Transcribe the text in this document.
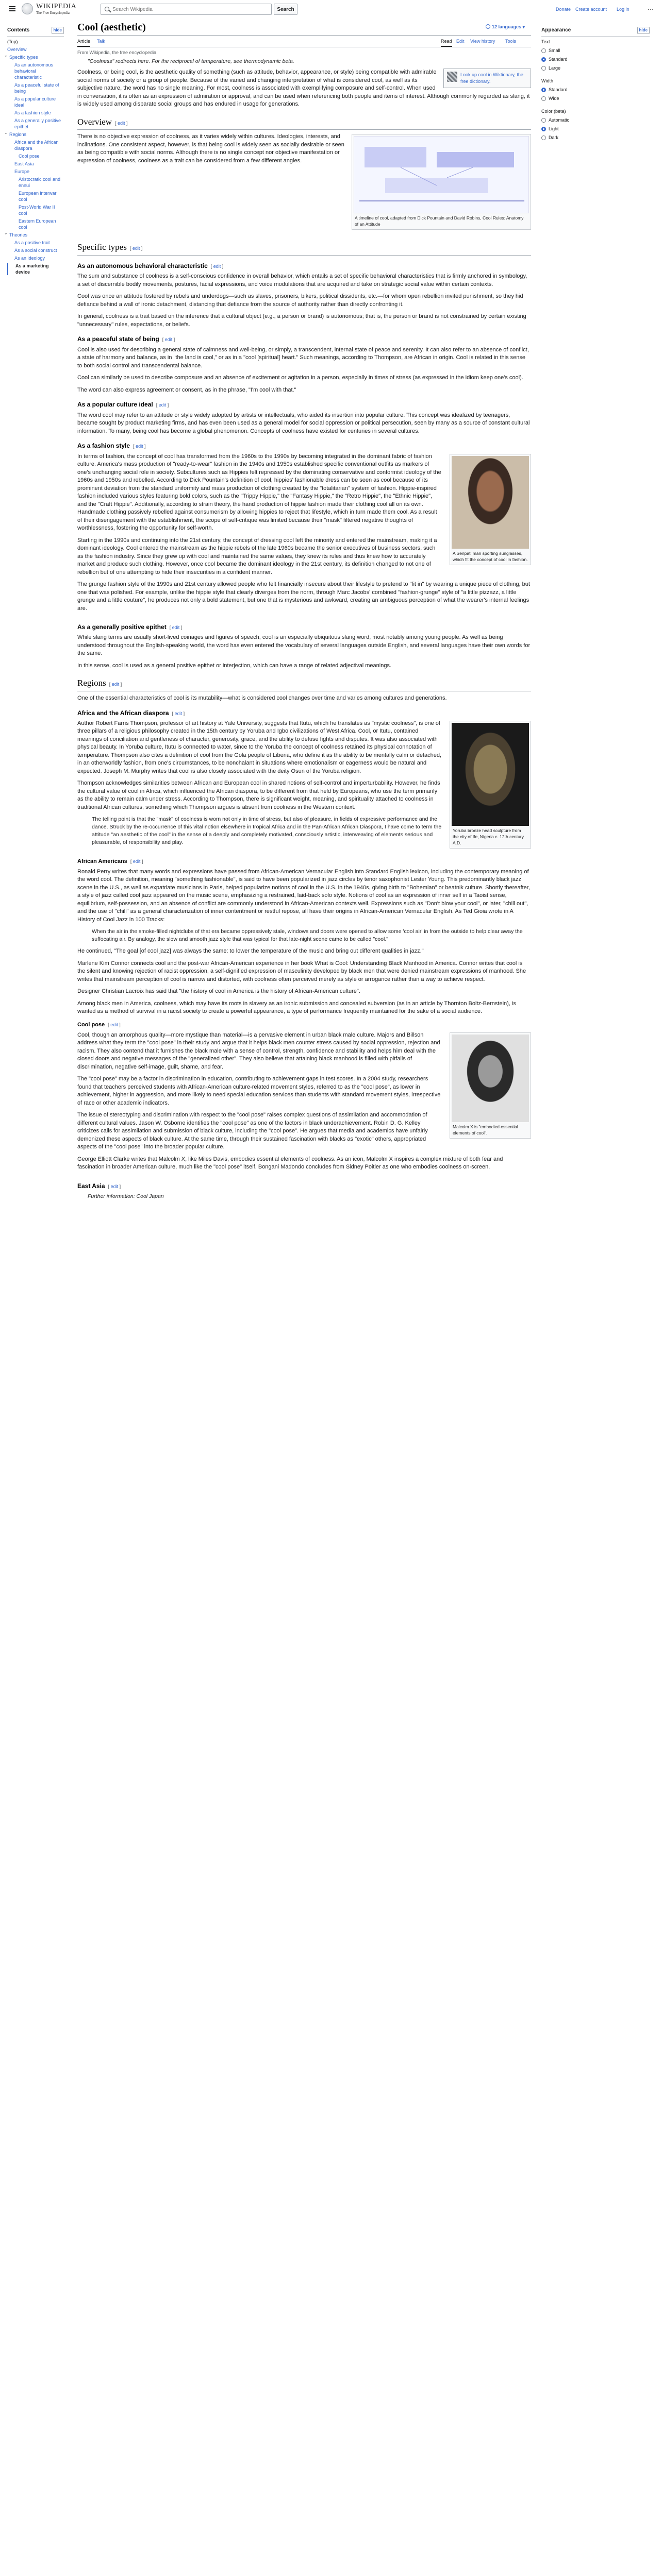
WIKIPEDIA
The Free Encyclopedia
Search Wikipedia
Search	Donate Create account Log in	⋯
Contents	hide
(Top)
Overview
⌄ Specific types
As an autonomous behavioral characteristic
As a peaceful state of being
As a popular culture ideal
As a fashion style
As a generally positive epithet
⌄ Regions
Africa and the African diaspora
Cool pose
East Asia
Europe
Aristocratic cool and ennui
European interwar cool
Post-World War II cool
Eastern European cool
⌄ Theories
As a positive trait
As a social construct
As an ideology
As a marketing device
Cool (aesthetic)	12 languages ▾
Article Talk	Read Edit View history Tools
From Wikipedia, the free encyclopedia
"Coolness" redirects here. For the reciprocal of temperature, see thermodynamic beta.
Look up cool in Wiktionary, the free dictionary.

Coolness, or being cool, is the aesthetic quality of something (such as attitude, behavior, appearance, or style) being compatible with admirable social norms of society or a group of people. Because of the varied and changing interpretation of what is considered cool, as well as its subjective nature, the word has no single meaning. For most, coolness is associated with exemplifying composure and self-control. When used in conversation, it is often as an expression of admiration or approval, and can be used when referencing both people and items of interest. Although commonly regarded as slang, it is widely used among disparate social groups and has endured in usage for generations.

Overview [ edit ]
A timeline of cool, adapted from Dick Pountain and David Robins, Cool Rules: Anatomy of an Attitude

There is no objective expression of coolness, as it varies widely within cultures. Ideologies, interests, and inclinations. One consistent aspect, however, is that being cool is widely seen as socially desirable or seen as being compatible with social norms. Although there is no single concept nor objective manifestation or expression of coolness, coolness as a trait can be considered from a few different angles.

Specific types [ edit ]
As an autonomous behavioral characteristic [ edit ]

The sum and substance of coolness is a self-conscious confidence in overall behavior, which entails a set of specific behavioral characteristics that is firmly anchored in symbology, a set of discernible bodily movements, postures, facial expressions, and voice modulations that are acquired and take on strategic social value within certain contexts.

Cool was once an attitude fostered by rebels and underdogs—such as slaves, prisoners, bikers, political dissidents, etc.—for whom open rebellion invited punishment, so they hid defiance behind a wall of ironic detachment, distancing that defiance from the source of authority rather than directly confronting it.

In general, coolness is a trait based on the inference that a cultural object (e.g., a person or brand) is autonomous; that is, the person or brand is not constrained by certain existing "unnecessary" rules, expectations, or beliefs.

As a peaceful state of being [ edit ]

Cool is also used for describing a general state of calmness and well-being, or simply, a transcendent, internal state of peace and serenity. It can also refer to an absence of conflict, a state of harmony and balance, as in "the land is cool," or as in a "cool [spiritual] heart." Such meanings, according to Thompson, are African in origin. Cool is related in this sense to both social control and transcendental balance.

Cool can similarly be used to describe composure and an absence of excitement or agitation in a person, especially in times of stress (as expressed in the idiom keep one's cool).

The word can also express agreement or consent, as in the phrase, "I'm cool with that."

As a popular culture ideal [ edit ]

The word cool may refer to an attitude or style widely adopted by artists or intellectuals, who aided its insertion into popular culture. This concept was idealized by teenagers, became sought by product marketing firms, and has even been used as a general model for social oppression or political persecution, seen by many as a source of constant cultural information. To many, being cool has become a global phenomenon. Concepts of coolness have existed for centuries in several cultures.

As a fashion style [ edit ]
A Senpati man sporting sunglasses, which fit the concept of cool in fashion.

In terms of fashion, the concept of cool has transformed from the 1960s to the 1990s by becoming integrated in the dominant fabric of fashion culture. America's mass production of "ready-to-wear" fashion in the 1940s and 1950s established specific conventional outfits as markers of one's unchanging social role in society. Subcultures such as Hippies felt repressed by the dominating conservative and conformist ideology of the 1960s and 1950s and rebelled. According to Dick Pountain's definition of cool, hippies' fashionable dress can be seen as cool because of its prominent deviation from the standard uniformity and mass production of clothing created by the "totalitarian" system of fashion. Hippie-inspired fashion included various styles featuring bold colors, such as the "Trippy Hippie," the "Fantasy Hippie," the "Retro Hippie", the "Ethnic Hippie", and the "Craft Hippie". Additionally, according to strain theory, the hand production of hippie fashion made their clothing cool all on its own. Handmade clothing passively rebelled against consumerism by allowing hippies to reject that lifestyle, which in turn made them cool. As a result of their disengagement with the establishment, the scope of self-critique was limited because their "mask" filtered negative thoughts of worthlessness, fostering the opportunity for self-worth.

Starting in the 1990s and continuing into the 21st century, the concept of dressing cool left the minority and entered the mainstream, making it a dominant ideology. Cool entered the mainstream as the hippie rebels of the late 1960s became the senior executives of business sectors, such as the fashion industry. Since they grew up with cool and maintained the same values, they knew its rules and thus knew how to accurately market and produce such clothing. However, once cool became the dominant ideology in the 21st century, its definition changed to not one of rebellion but of one attempting to hide their insecurities in a confident manner.

The grunge fashion style of the 1990s and 21st century allowed people who felt financially insecure about their lifestyle to pretend to "fit in" by wearing a unique piece of clothing, but one that was polished. For example, unlike the hippie style that clearly diverges from the norm, through Marc Jacobs' combined "fashion-grunge" style of "a little pizzazz, a little grunge and a little couture", he produces not only a bold statement, but one that is mysterious and awkward, creating an ambiguous perception of what the wearer's internal feelings are.

As a generally positive epithet [ edit ]

While slang terms are usually short-lived coinages and figures of speech, cool is an especially ubiquitous slang word, most notably among young people. As well as being understood throughout the English-speaking world, the word has even entered the vocabulary of several languages outside English, and several languages have their own words for the same.

In this sense, cool is used as a general positive epithet or interjection, which can have a range of related adjectival meanings.

Regions [ edit ]

One of the essential characteristics of cool is its mutability—what is considered cool changes over time and varies among cultures and generations.

Africa and the African diaspora [ edit ]
Yoruba bronze head sculpture from the city of Ife, Nigeria c. 12th century A.D.

Author Robert Farris Thompson, professor of art history at Yale University, suggests that Itutu, which he translates as "mystic coolness", is one of three pillars of a religious philosophy created in the 15th century by Yoruba and Igbo civilizations of West Africa. Cool, or Itutu, contained meanings of conciliation and gentleness of character, generosity, grace, and the ability to defuse fights and disputes. It was also associated with physical beauty. In Yoruba culture, Itutu is connected to water, since to the Yoruba the concept of coolness retained its physical connotation of temperature. Thompson also cites a definition of cool from the Gola people of Liberia, who define it as the ability to be mentally calm or detached, in an otherworldly fashion, from one's circumstances, to be nonchalant in situations where emotionalism or eagerness would be natural and expected. Joseph M. Murphy writes that cool is also closely associated with the deity Osun of the Yoruba religion.

Thompson acknowledges similarities between African and European cool in shared notions of self-control and imperturbability. However, he finds the cultural value of cool in Africa, which influenced the African diaspora, to be different from that held by Europeans, who use the term primarily as the ability to remain calm under stress. According to Thompson, there is significant weight, meaning, and spirituality attached to coolness in traditional African cultures, something which Thompson argues is absent from coolness in the Western context.

The telling point is that the "mask" of coolness is worn not only in time of stress, but also of pleasure, in fields of expressive performance and the dance. Struck by the re-occurrence of this vital notion elsewhere in tropical Africa and in the Pan-African African Diaspora, I have come to term the attitude "an aesthetic of the cool" in the sense of a deeply and completely motivated, consciously artistic, interweaving of elements serious and pleasurable, of responsibility and play.

African Americans [ edit ]

Ronald Perry writes that many words and expressions have passed from African-American Vernacular English into Standard English lexicon, including the contemporary meaning of the word cool. The definition, meaning "something fashionable", is said to have been popularized in jazz circles by tenor saxophonist Lester Young. This predominantly black jazz scene in the U.S., as well as expatriate musicians in Paris, helped popularize notions of cool in the U.S. in the 1940s, giving birth to "Bohemian" or beatnik culture. Shortly thereafter, a style of jazz called cool jazz appeared on the music scene, emphasizing a restrained, laid-back solo style. Notions of cool as an expression of inner self in a Taoist sense, equilibrium, self-possession, and an absence of conflict are commonly understood in African-American contexts well. Expressions such as "Don't blow your cool", or later, "chill out", and the use of "chill" as a general characterization of inner contentment or restful repose, all have their origins in African-American Vernacular English. As Ted Gioia wrote in A History of Cool Jazz in 100 Tracks:

When the air in the smoke-filled nightclubs of that era became oppressively stale, windows and doors were opened to allow some 'cool air' in from the outside to help clear away the suffocating air. By analogy, the slow and smooth jazz style that was typical for that late-night scene came to be called "cool."

He continued, "The goal [of cool jazz] was always the same: to lower the temperature of the music and bring out different qualities in jazz."

Marlene Kim Connor connects cool and the post-war African-American experience in her book What is Cool: Understanding Black Manhood in America. Connor writes that cool is the silent and knowing rejection of racist oppression, a self-dignified expression of masculinity developed by black men that were denied mainstream expressions of manhood. She writes that mainstream perception of cool is narrow and distorted, with coolness often perceived merely as style or arrogance rather than a way to achieve respect.

Designer Christian Lacroix has said that "the history of cool in America is the history of African-American culture".

Among black men in America, coolness, which may have its roots in slavery as an ironic submission and concealed subversion (as in an article by Thornton Boltz-Bernstein), is wanted as a method of survival in a racist society to create a powerful appearance, a type of performance frequently maintained for the sake of a social audience.

Cool pose [ edit ]
Malcolm X is "embodied essential elements of cool".

Cool, though an amorphous quality—more mystique than material—is a pervasive element in urban black male culture. Majors and Billson address what they term the "cool pose" in their study and argue that it helps black men counter stress caused by social oppression, rejection and racism. They also contend that it furnishes the black male with a sense of control, strength, confidence and stability and helps him deal with the closed doors and negative messages of the "generalized other". They also believe that attaining black manhood is filled with pitfalls of discrimination, negative self-image, guilt, shame, and fear.

The "cool pose" may be a factor in discrimination in education, contributing to achievement gaps in test scores. In a 2004 study, researchers found that teachers perceived students with African-American culture-related movement styles, referred to as the "cool pose", as lower in achievement, higher in aggression, and more likely to need special education services than students with standard movement styles, irrespective of race or other academic indicators.

The issue of stereotyping and discrimination with respect to the "cool pose" raises complex questions of assimilation and accommodation of different cultural values. Jason W. Osborne identifies the "cool pose" as one of the factors in black underachievement. Robin D. G. Kelley criticizes calls for assimilation and submission of black culture, including the "cool pose". He argues that media and academics have unfairly demonized these aspects of black culture. At the same time, through their sustained fascination with blacks as "exotic" others, appropriated aspects of the "cool pose" into the broader popular culture.

George Elliott Clarke writes that Malcolm X, like Miles Davis, embodies essential elements of coolness. As an icon, Malcolm X inspires a complex mixture of both fear and fascination in broader American culture, much like the "cool pose" itself. Bongani Madondo concludes from Sidney Poitier as one who embodies coolness on-screen.

East Asia [ edit ]
Further information: Cool Japan
Appearance	hide
Text
Small
Standard
Large
Width
Standard
Wide
Color (beta)
Automatic
Light
Dark
